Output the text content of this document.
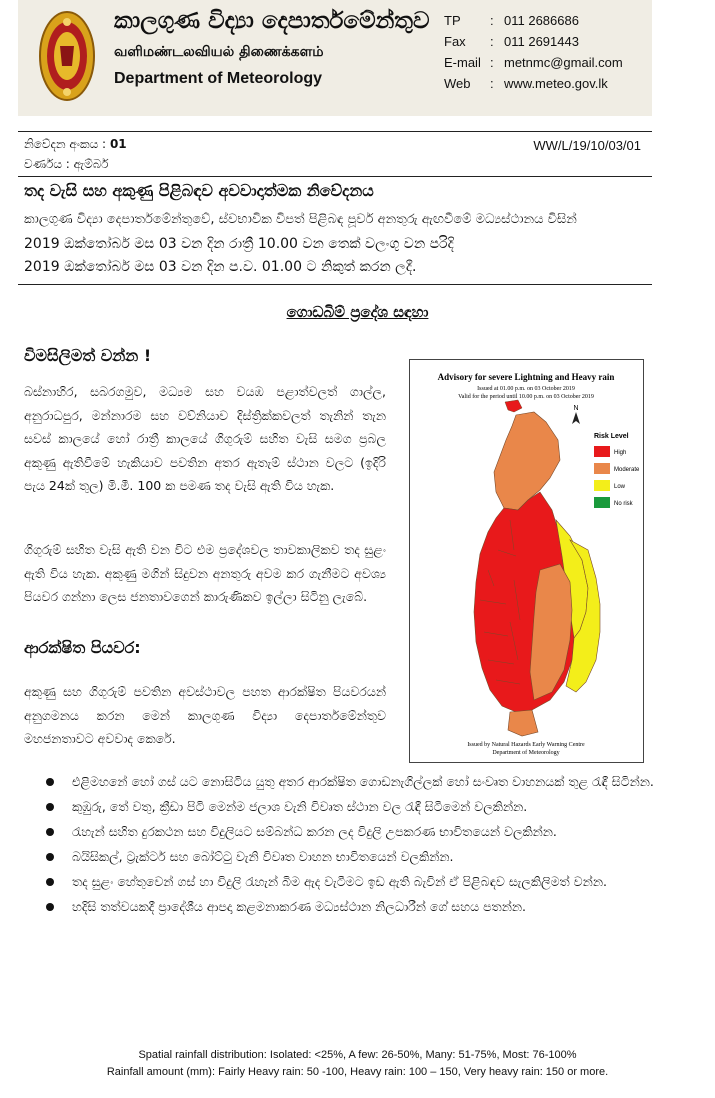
කාලගුණ විද්‍යා දෙපාර්තමේන්තුව
வளிமண்டலவியல் திணைக்களம்
Department of Meteorology
TP	: 011 2686686
Fax	: 011 2691443
E-mail : metnmc@gmail.com
Web	: www.meteo.gov.lk
නිවේදන අංකය : 01
වර්ණය : ඇම්බර්
WW/L/19/10/03/01
තද වැසි සහ අකුණු පිළිබඳව අවවාදාත්මක නිවේදනය
කාලගුණ විද්‍යා දෙපාර්තමේන්තුවේ, ස්වභාවික විපත් පිළිබඳ පූර්ව අනතුරු ඇඟවීමේ මධ්‍යස්ථානය විසින්
2019 ඔක්තෝබර් මස 03 වන දින රාත්‍රී 10.00 වන තෙක් වලංගු වන පරිදි
2019 ඔක්තෝබර් මස 03 වන දින ප.ව. 01.00 ට නිකුත් කරන ලදී.
ගොඩබිම් ප්‍රදේශ සඳහා
විමසිලිමත් වන්න !
බස්නාහිර, සබරගමුව, මධ්‍යම සහ වයඹ පළාත්වලත් ගාල්ල, අනුරාධපුර, මන්නාරම සහ වව්නියාව දිස්ත්‍රික්කවලත් තැනින් තැන සවස් කාලයේ හෝ රාත්‍රී කාලයේ ගිගුරුම් සහිත වැසි සමග ප්‍රබල අකුණු ඇතිවීමේ හැකියාව පවතින අතර ඇතැම් ස්ථාන වලට (ඉදිරි පැය 24ක් තුල) මි.මී. 100 ක පමණ තද වැසි ඇති විය හැක.
ගිගුරුම් සහිත වැසි ඇති වන විට එම ප්‍රදේශවල තාවකාලිකව තද සුළං ඇති විය හැක. අකුණු මගින් සිදුවන අනතුරු අවම කර ගැනීමට අවශ්‍ය පියවර ගන්නා ලෙස ජනතාවගෙන් කාරුණිකව ඉල්ලා සිටිනු ලැබේ.
ආරක්ෂිත පියවර:
අකුණු සහ ගිගුරුම් පවතින අවස්ථාවල පහත ආරක්ෂිත පියවරයන් අනුගමනය කරන මෙන් කාලගුණ විද්‍යා දෙපාර්තමේන්තුව මහජනතාවට අවවාද කෙරේ.
Advisory for severe Lightning and Heavy rain
Issued at 01.00 p.m. on 03 October 2019
Valid for the period until 10.00 p.m. on 03 October 2019
N
Risk Level
High
Moderate
Low
No risk
Issued by Natural Hazards Early Warning Centre
Department of Meteorology
එළිමහනේ හෝ ගස් යට නොසිටිය යුතු අතර ආරක්ෂිත ගොඩනැගිල්ලක් හෝ සංවෘත වාහනයක් තුළ රැඳී සිටින්න.
කුඹුරු, තේ වතු, ක්‍රීඩා පිටි මෙන්ම ජලාශ වැනි විවෘත ස්ථාන වල රැඳී සිටීමෙන් වලකින්න.
රැහැන් සහිත දුරකථන සහ විදුලියට සම්බන්ධ කරන ලද විදුලි උපකරණ භාවිතයෙන් වලකින්න.
බයිසිකල්, ට්‍රැක්ටර් සහ බෝට්ටු වැනි විවෘත වාහන භාවිතයෙන් වලකින්න.
තද සුළං හේතුවෙන් ගස් හා විදුලි රැහැන් බිම ඇද වැටීමට ඉඩ ඇති බැවින් ඒ පිළිබඳව සැලකිලිමත් වන්න.
හදිසි තත්වයකදී ප්‍රාදේශීය ආපදා කළමනාකරණ මධ්‍යස්ථාන නිලධාරීන් ගේ සහය පතන්න.
Spatial rainfall distribution: Isolated: <25%, A few: 26-50%, Many: 51-75%, Most: 76-100%
Rainfall amount (mm): Fairly Heavy rain: 50 -100, Heavy rain: 100 – 150, Very heavy rain: 150 or more.
